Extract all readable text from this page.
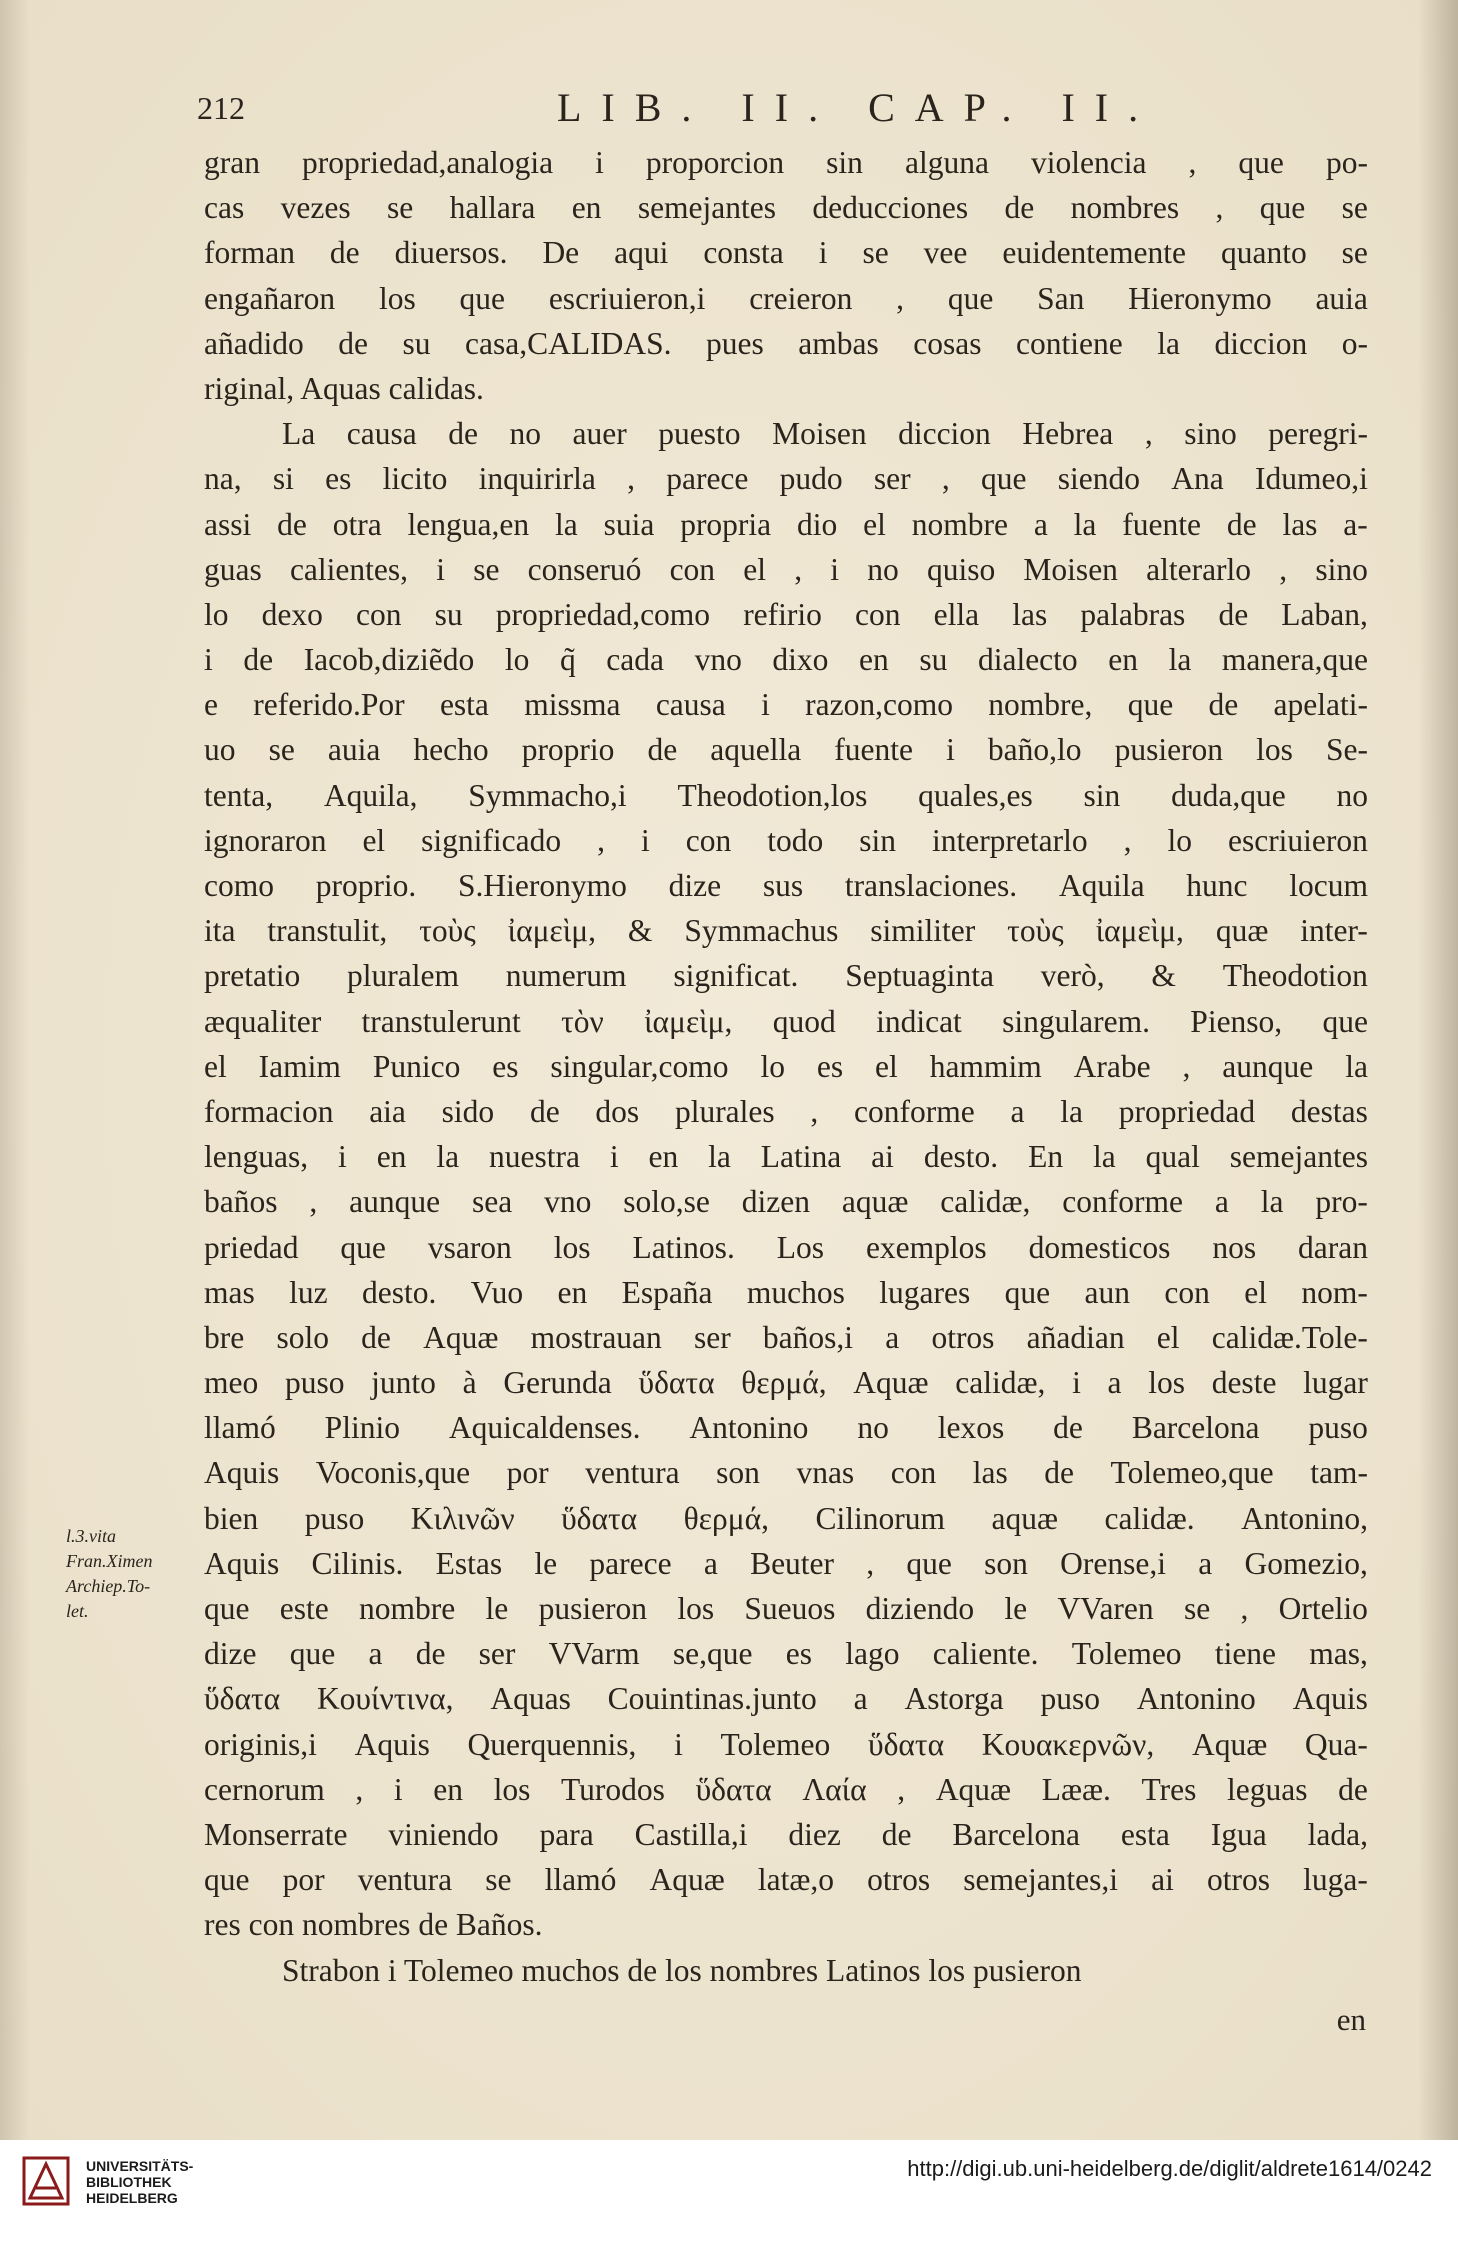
212	LIB. II. CAP. II.
gran propriedad,analogia i proporcion sin alguna violencia , que po-
cas vezes se hallara en semejantes deducciones de nombres , que se
forman de diuersos. De aqui consta i se vee euidentemente quanto se
engañaron los que escriuieron,i creieron , que San Hieronymo auia
añadido de su casa,CALIDAS. pues ambas cosas contiene la diccion o-
riginal, Aquas calidas.
La causa de no auer puesto Moisen diccion Hebrea , sino peregri-
na, si es licito inquirirla , parece pudo ser , que siendo Ana Idumeo,i
assi de otra lengua,en la suia propria dio el nombre a la fuente de las a-
guas calientes, i se conseruó con el , i no quiso Moisen alterarlo , sino
lo dexo con su propriedad,como refirio con ella las palabras de Laban,
i de Iacob,diziẽdo lo q̃ cada vno dixo en su dialecto en la manera,que
e referido.Por esta missma causa i razon,como nombre, que de apelati-
uo se auia hecho proprio de aquella fuente i baño,lo pusieron los Se-
tenta, Aquila, Symmacho,i Theodotion,los quales,es sin duda,que no
ignoraron el significado , i con todo sin interpretarlo , lo escriuieron
como proprio. S.Hieronymo dize sus translaciones. Aquila hunc locum
ita transtulit, τοὺς ἰαμεὶμ, & Symmachus similiter τοὺς ἰαμεὶμ, quæ inter-
pretatio pluralem numerum significat. Septuaginta verò, & Theodotion
æqualiter transtulerunt τὸν ἰαμεὶμ, quod indicat singularem. Pienso, que
el Iamim Punico es singular,como lo es el hammim Arabe , aunque la
formacion aia sido de dos plurales , conforme a la propriedad destas
lenguas, i en la nuestra i en la Latina ai desto. En la qual semejantes
baños , aunque sea vno solo,se dizen aquæ calidæ, conforme a la pro-
priedad que vsaron los Latinos. Los exemplos domesticos nos daran
mas luz desto. Vuo en España muchos lugares que aun con el nom-
bre solo de Aquæ mostrauan ser baños,i a otros añadian el calidæ.Tole-
meo puso junto à Gerunda ὕδατα θερμά, Aquæ calidæ, i a los deste lugar
llamó Plinio Aquicaldenses. Antonino no lexos de Barcelona puso
Aquis Voconis,que por ventura son vnas con las de Tolemeo,que tam-
bien puso Κιλινῶν ὕδατα θερμά, Cilinorum aquæ calidæ. Antonino,
Aquis Cilinis. Estas le parece a Beuter , que son Orense,i a Gomezio,
que este nombre le pusieron los Sueuos diziendo le VVaren se , Ortelio
dize que a de ser VVarm se,que es lago caliente. Tolemeo tiene mas,
ὕδατα Κουίντινα, Aquas Couintinas.junto a Astorga puso Antonino Aquis
originis,i Aquis Querquennis, i Tolemeo ὕδατα Κουακερνῶν, Aquæ Qua-
cernorum , i en los Turodos ὕδατα Λαία , Aquæ Lææ. Tres leguas de
Monserrate viniendo para Castilla,i diez de Barcelona esta Igua lada,
que por ventura se llamó Aquæ latæ,o otros semejantes,i ai otros luga-
res con nombres de Baños.
Strabon i Tolemeo muchos de los nombres Latinos los pusieron
l.3.vita
Fran.Ximen
Archiep.To-
let.
en
UNIVERSITÄTS-
BIBLIOTHEK
HEIDELBERG
http://digi.ub.uni-heidelberg.de/diglit/aldrete1614/0242
